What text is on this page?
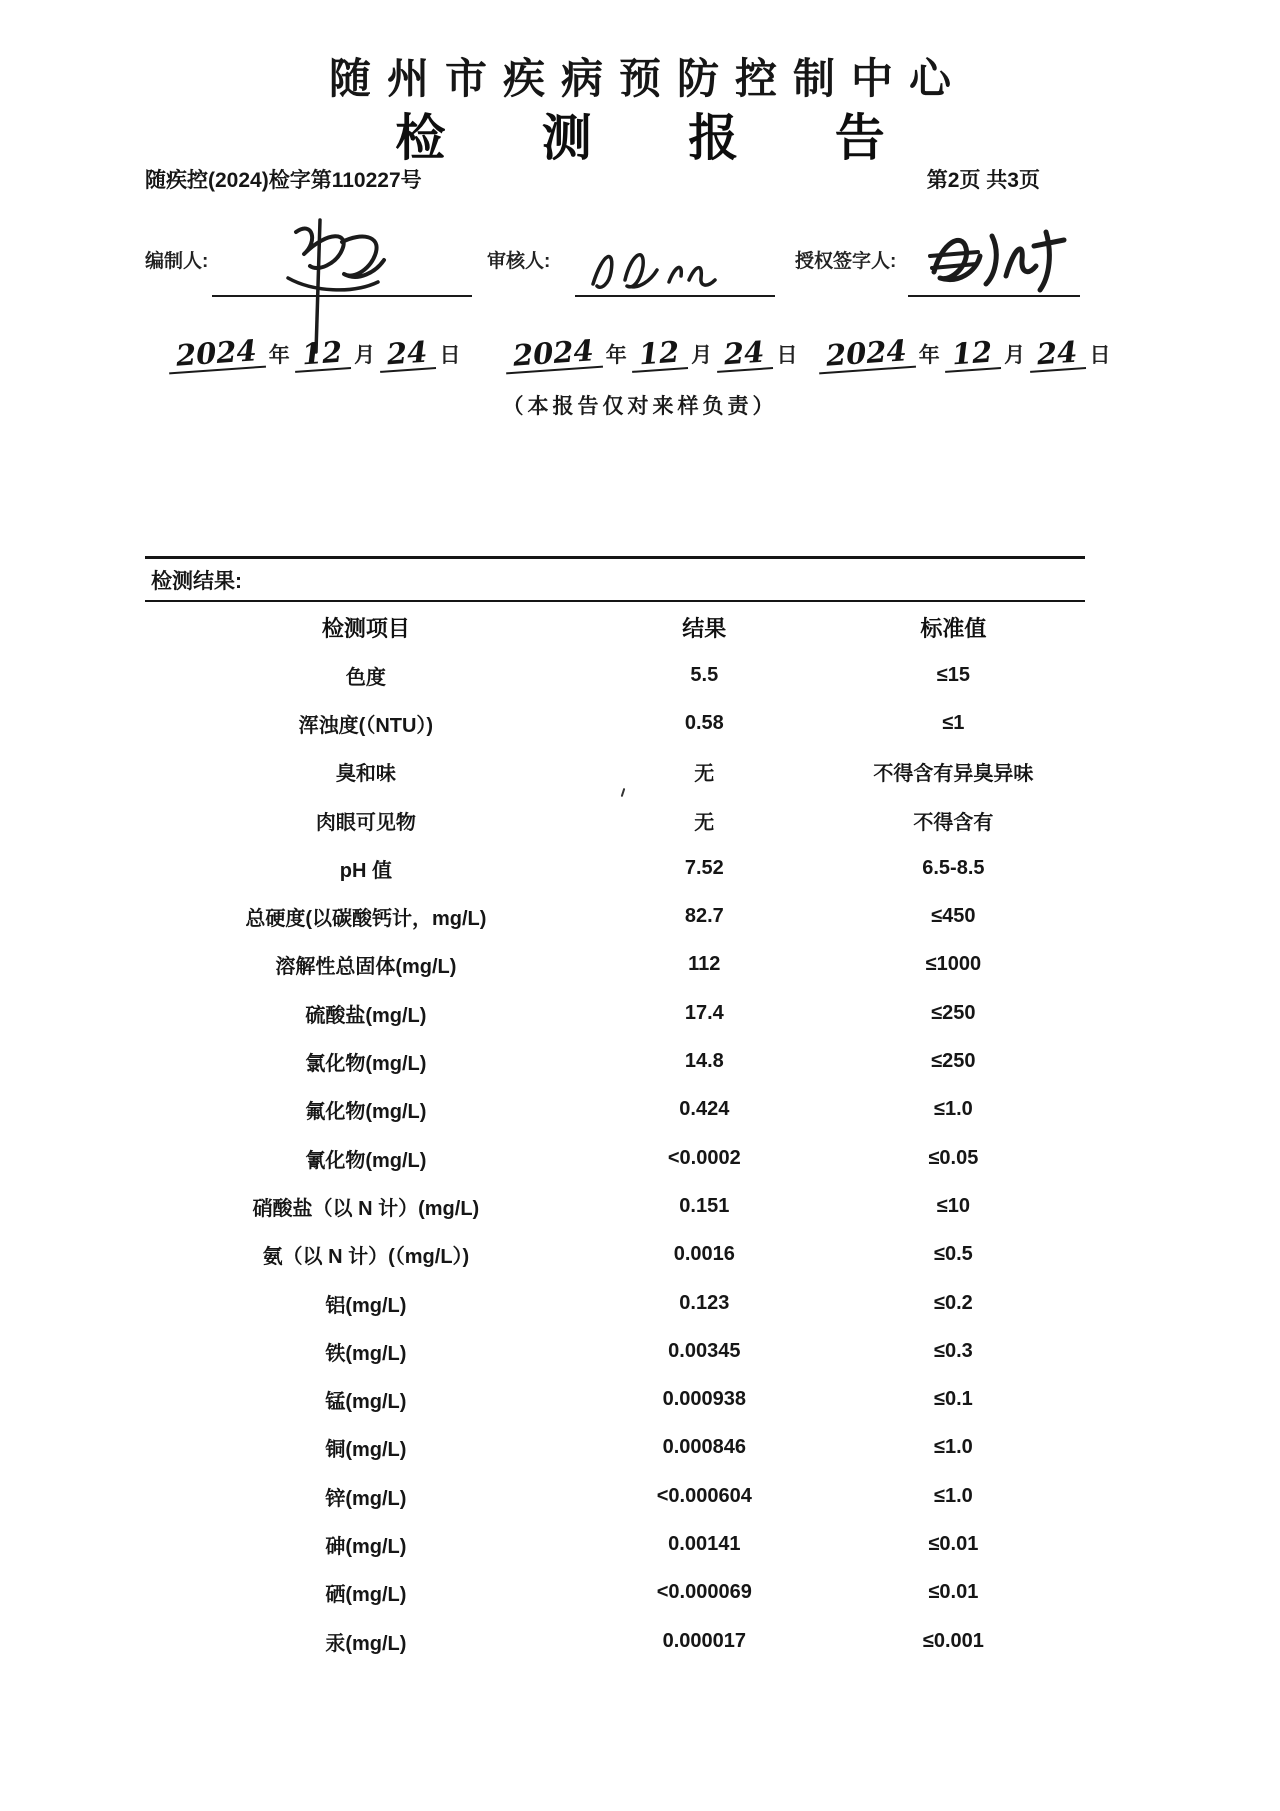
随州市疾病预防控制中心
检 测 报 告
随疾控(2024)检字第110227号	第2页 共3页
编制人:	审核人:	授权签字人:
2024 年 12 月 24 日 2024 年 12 月 24 日 2024 年 12 月 24 日
（本报告仅对来样负责）
检测结果:
检测项目	结果	标准值
色度	5.5	≤15
浑浊度(（NTU）)	0.58	≤1
臭和味	无	不得含有异臭异味
肉眼可见物	无	不得含有
pH 值	7.52	6.5-8.5
总硬度(以碳酸钙计，mg/L)	82.7	≤450
溶解性总固体(mg/L)	112	≤1000
硫酸盐(mg/L)	17.4	≤250
氯化物(mg/L)	14.8	≤250
氟化物(mg/L)	0.424	≤1.0
氰化物(mg/L)	<0.0002	≤0.05
硝酸盐（以 N 计）(mg/L)	0.151	≤10
氨（以 N 计）(（mg/L）)	0.0016	≤0.5
铝(mg/L)	0.123	≤0.2
铁(mg/L)	0.00345	≤0.3
锰(mg/L)	0.000938	≤0.1
铜(mg/L)	0.000846	≤1.0
锌(mg/L)	<0.000604	≤1.0
砷(mg/L)	0.00141	≤0.01
硒(mg/L)	<0.000069	≤0.01
汞(mg/L)	0.000017	≤0.001
